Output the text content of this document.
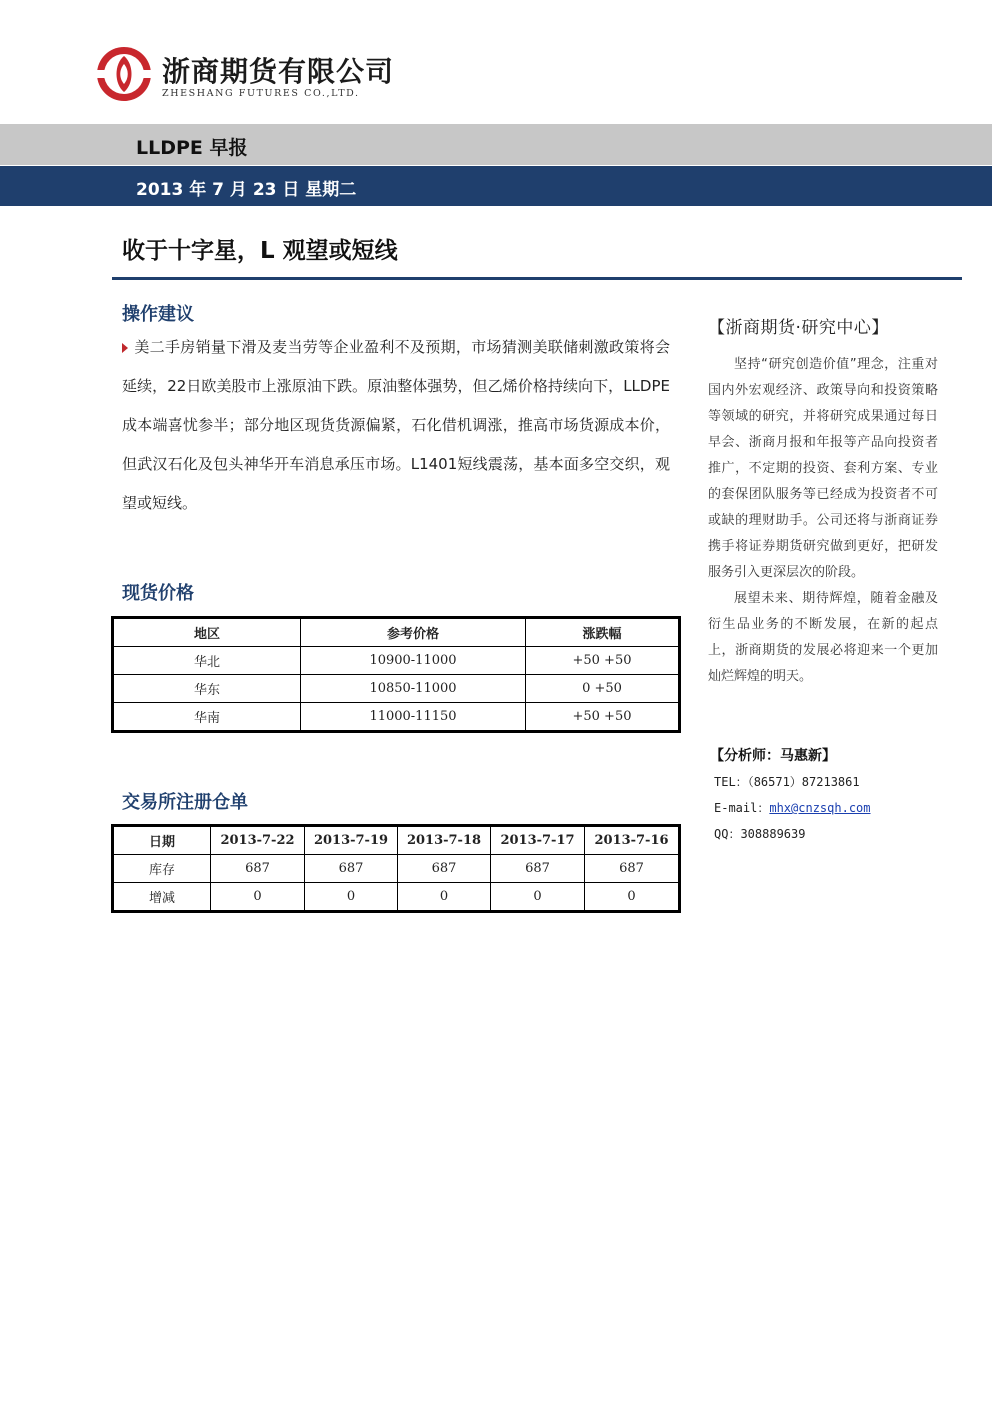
浙商期货有限公司
ZHESHANG FUTURES CO.,LTD.
LLDPE 早报
2013 年 7 月 23 日 星期二
收于十字星，L 观望或短线
操作建议
美二手房销量下滑及麦当劳等企业盈利不及预期，市场猜测美联储刺激政策将会延续，22日欧美股市上涨原油下跌。原油整体强势，但乙烯价格持续向下，LLDPE成本端喜忧参半；部分地区现货货源偏紧，石化借机调涨，推高市场货源成本价，但武汉石化及包头神华开车消息承压市场。L1401短线震荡，基本面多空交织，观望或短线。
现货价格
地区	参考价格	涨跌幅
华北	10900-11000	+50 +50
华东	10850-11000	0 +50
华南	11000-11150	+50 +50
交易所注册仓单
日期	2013-7-22	2013-7-19	2013-7-18	2013-7-17	2013-7-16
库存	687	687	687	687	687
增减	0	0	0	0	0
【浙商期货·研究中心】

坚持“研究创造价值”理念，注重对国内外宏观经济、政策导向和投资策略等领域的研究，并将研究成果通过每日早会、浙商月报和年报等产品向投资者推广，不定期的投资、套利方案、专业的套保团队服务等已经成为投资者不可或缺的理财助手。公司还将与浙商证券携手将证券期货研究做到更好，把研发服务引入更深层次的阶段。

展望未来、期待辉煌，随着金融及衍生品业务的不断发展，在新的起点上，浙商期货的发展必将迎来一个更加灿烂辉煌的明天。

【分析师：马惠新】
TEL：（86571）87213861
E-mail：mhx@cnzsqh.com
QQ：308889639
